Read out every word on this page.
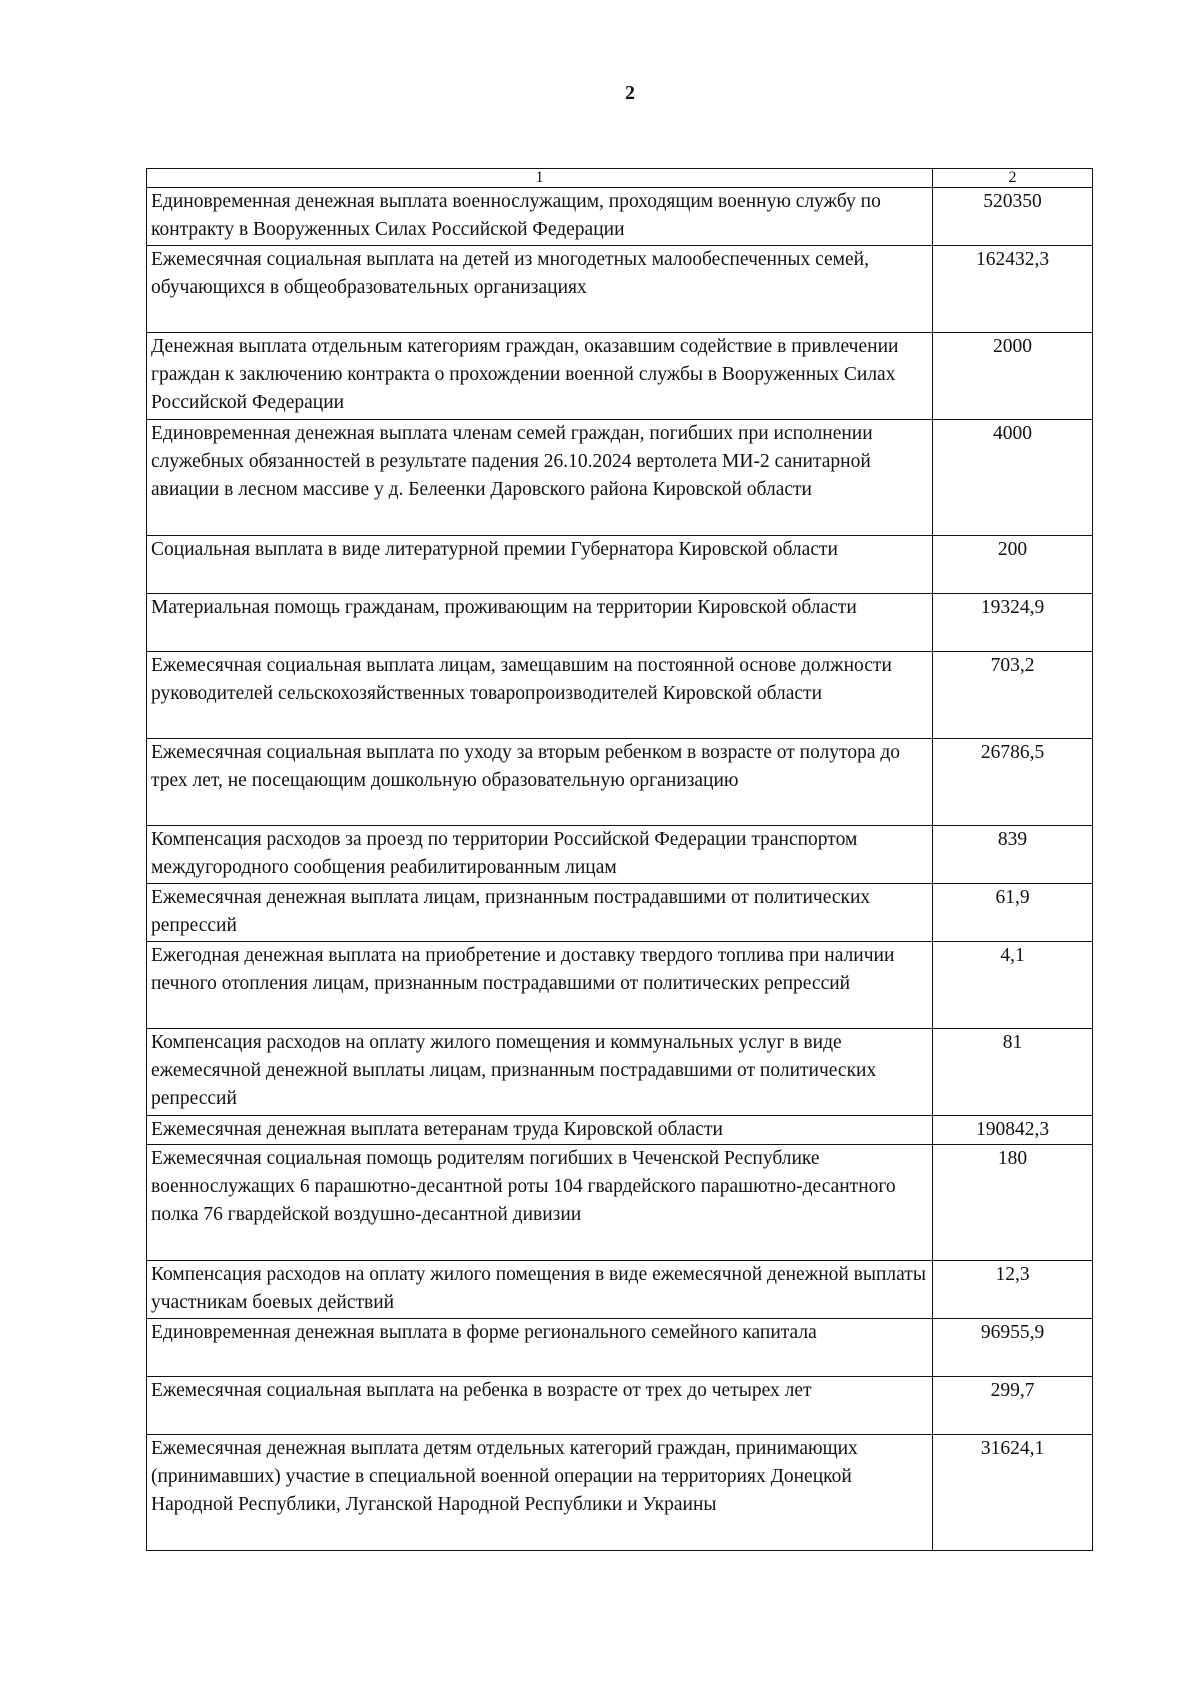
2
1	2
Единовременная денежная выплата военнослужащим, проходящим военную службу по контракту в Вооруженных Силах Российской Федерации	520350
Ежемесячная социальная выплата на детей из многодетных малообеспеченных семей, обучающихся в общеобразовательных организациях	162432,3
Денежная выплата отдельным категориям граждан, оказавшим содействие в привлечении граждан к заключению контракта о прохождении военной службы в Вооруженных Силах Российской Федерации	2000
Единовременная денежная выплата членам семей граждан, погибших при исполнении служебных обязанностей в результате падения 26.10.2024 вертолета МИ-2 санитарной авиации в лесном массиве у д. Белеенки Даровского района Кировской области	4000
Социальная выплата в виде литературной премии Губернатора Кировской области	200
Материальная помощь гражданам, проживающим на территории Кировской области	19324,9
Ежемесячная социальная выплата лицам, замещавшим на постоянной основе должности руководителей сельскохозяйственных товаропроизводителей Кировской области	703,2
Ежемесячная социальная выплата по уходу за вторым ребенком в возрасте от полутора до трех лет, не посещающим дошкольную образовательную организацию	26786,5
Компенсация расходов за проезд по территории Российской Федерации транспортом междугородного сообщения реабилитированным лицам	839
Ежемесячная денежная выплата лицам, признанным пострадавшими от политических репрессий	61,9
Ежегодная денежная выплата на приобретение и доставку твердого топлива при наличии печного отопления лицам, признанным пострадавшими от политических репрессий	4,1
Компенсация расходов на оплату жилого помещения и коммунальных услуг в виде ежемесячной денежной выплаты лицам, признанным пострадавшими от политических репрессий	81
Ежемесячная денежная выплата ветеранам труда Кировской области	190842,3
Ежемесячная социальная помощь родителям погибших в Чеченской Республике военнослужащих 6 парашютно-десантной роты 104 гвардейского парашютно-десантного полка 76 гвардейской воздушно-десантной дивизии	180
Компенсация расходов на оплату жилого помещения в виде ежемесячной денежной выплаты участникам боевых действий	12,3
Единовременная денежная выплата в форме регионального семейного капитала	96955,9
Ежемесячная социальная выплата на ребенка в возрасте от трех до четырех лет	299,7
Ежемесячная денежная выплата детям отдельных категорий граждан, принимающих (принимавших) участие в специальной военной операции на территориях Донецкой Народной Республики, Луганской Народной Республики и Украины	31624,1
